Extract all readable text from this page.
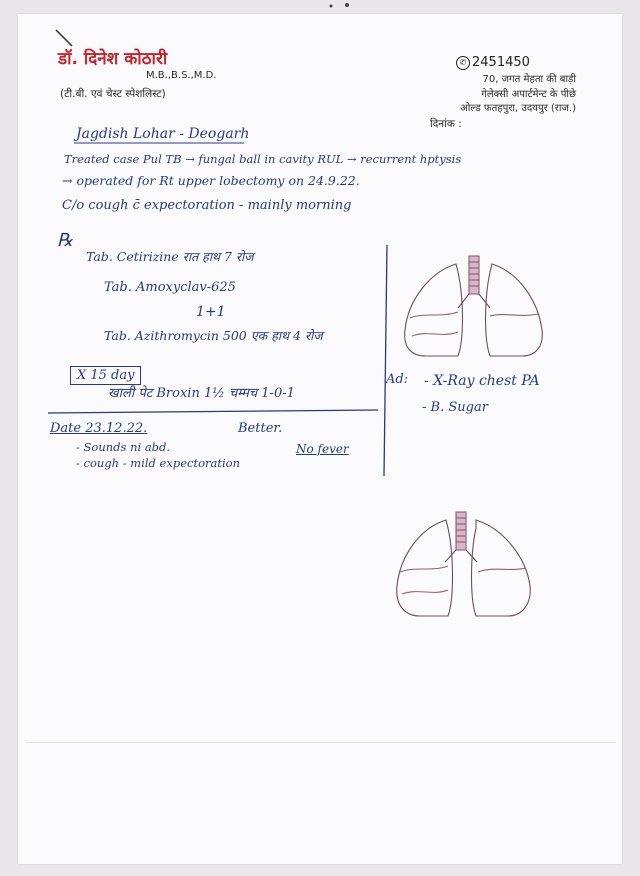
डॉ. दिनेश कोठारी
M.B.,B.S.,M.D.
(टी.बी. एवं चेस्ट स्पेशलिस्ट)
✆ 2451450
70, जगत मेहता की बाड़ी
गेलेक्सी अपार्टमेन्ट के पीछे
ओल्ड फतहपुरा, उदयपुर (राज.)
दिनांक :
Jagdish Lohar - Deogarh
Treated case Pul TB → fungal ball in cavity RUL → recurrent hptysis
→ operated for Rt upper lobectomy on 24.9.22.
C/o cough c̄ expectoration - mainly morning
℞
Tab. Cetirizine रात हाथ 7 रोज
Tab. Amoxyclav-625
1+1
Tab. Azithromycin 500 एक हाथ 4 रोज
X 15 day
खाली पेट Broxin 1½ चम्मच 1-0-1
Ad: - X-Ray chest PA
- B. Sugar
Date 23.12.22.	Better.
- Sounds ni abd.
- cough - mild expectoration
No fever
